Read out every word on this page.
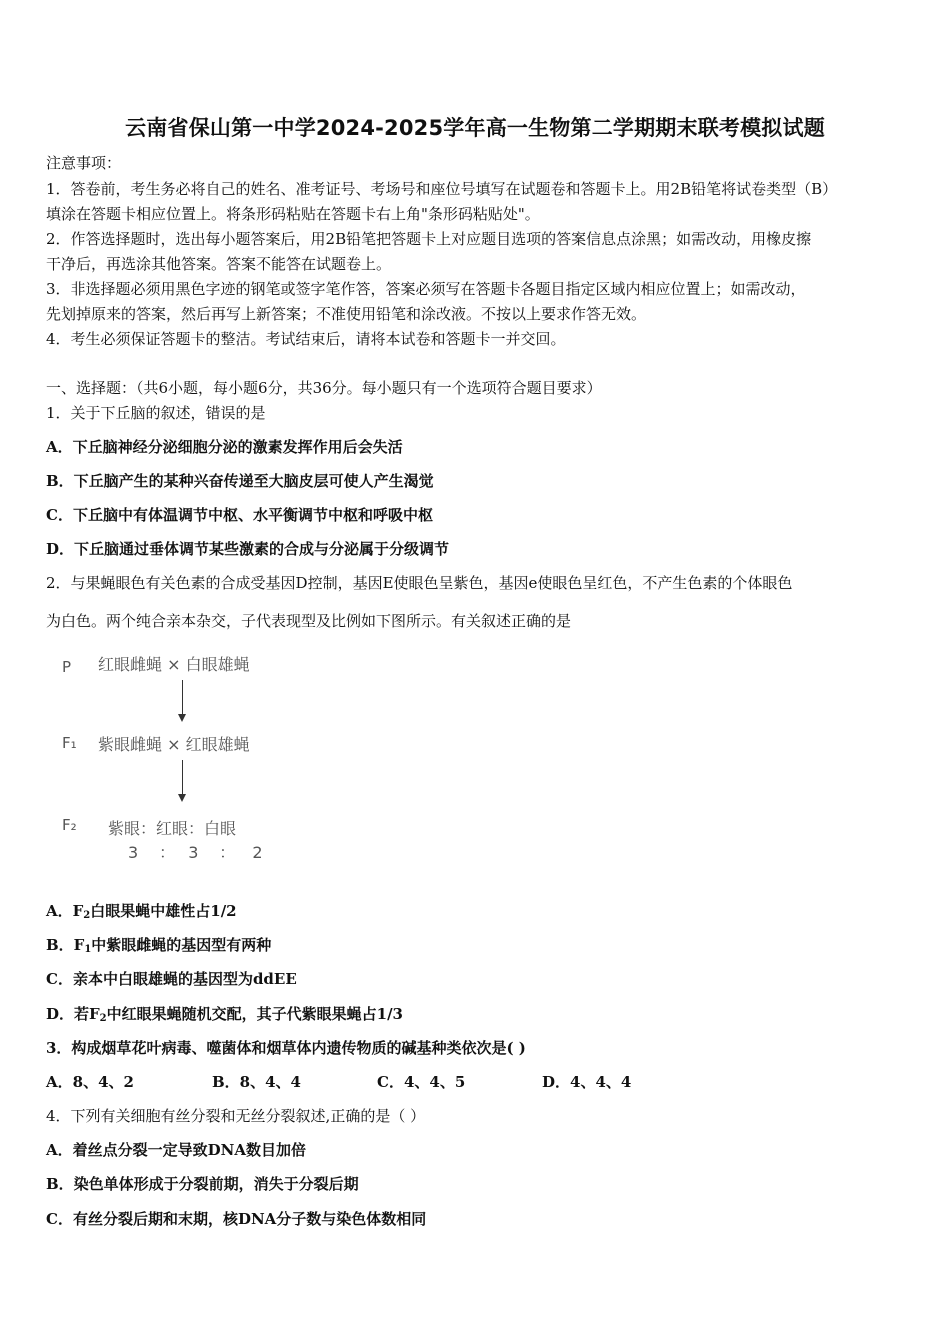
云南省保山第一中学2024-2025学年高一生物第二学期期末联考模拟试题
注意事项：
1．答卷前，考生务必将自己的姓名、准考证号、考场号和座位号填写在试题卷和答题卡上。用2B铅笔将试卷类型（B）
填涂在答题卡相应位置上。将条形码粘贴在答题卡右上角"条形码粘贴处"。
2．作答选择题时，选出每小题答案后，用2B铅笔把答题卡上对应题目选项的答案信息点涂黑；如需改动，用橡皮擦
干净后，再选涂其他答案。答案不能答在试题卷上。
3．非选择题必须用黑色字迹的钢笔或签字笔作答，答案必须写在答题卡各题目指定区域内相应位置上；如需改动，
先划掉原来的答案，然后再写上新答案；不准使用铅笔和涂改液。不按以上要求作答无效。
4．考生必须保证答题卡的整洁。考试结束后，请将本试卷和答题卡一并交回。
一、选择题：（共6小题，每小题6分，共36分。每小题只有一个选项符合题目要求）
1．关于下丘脑的叙述，错误的是
A．下丘脑神经分泌细胞分泌的激素发挥作用后会失活
B．下丘脑产生的某种兴奋传递至大脑皮层可使人产生渴觉
C．下丘脑中有体温调节中枢、水平衡调节中枢和呼吸中枢
D．下丘脑通过垂体调节某些激素的合成与分泌属于分级调节
2．与果蝇眼色有关色素的合成受基因D控制，基因E使眼色呈紫色，基因e使眼色呈红色，不产生色素的个体眼色
为白色。两个纯合亲本杂交，子代表现型及比例如下图所示。有关叙述正确的是
P 红眼雌蝇 × 白眼雄蝇
F₁ 紫眼雌蝇 × 红眼雄蝇
F₂ 紫眼：红眼：白眼
3 ： 3 ： 2
A．$F_2$白眼果蝇中雄性占1/2
B．$F_1$中紫眼雌蝇的基因型有两种
C．亲本中白眼雄蝇的基因型为ddEE
D．若$F_2$中红眼果蝇随机交配，其子代紫眼果蝇占1/3
3．构成烟草花叶病毒、噬菌体和烟草体内遗传物质的碱基种类依次是( )
A．8、4、2	B．8、4、4	C．4、4、5	D．4、4、4
4．下列有关细胞有丝分裂和无丝分裂叙述,正确的是（ ）
A．着丝点分裂一定导致DNA数目加倍
B．染色单体形成于分裂前期，消失于分裂后期
C．有丝分裂后期和末期，核DNA分子数与染色体数相同
